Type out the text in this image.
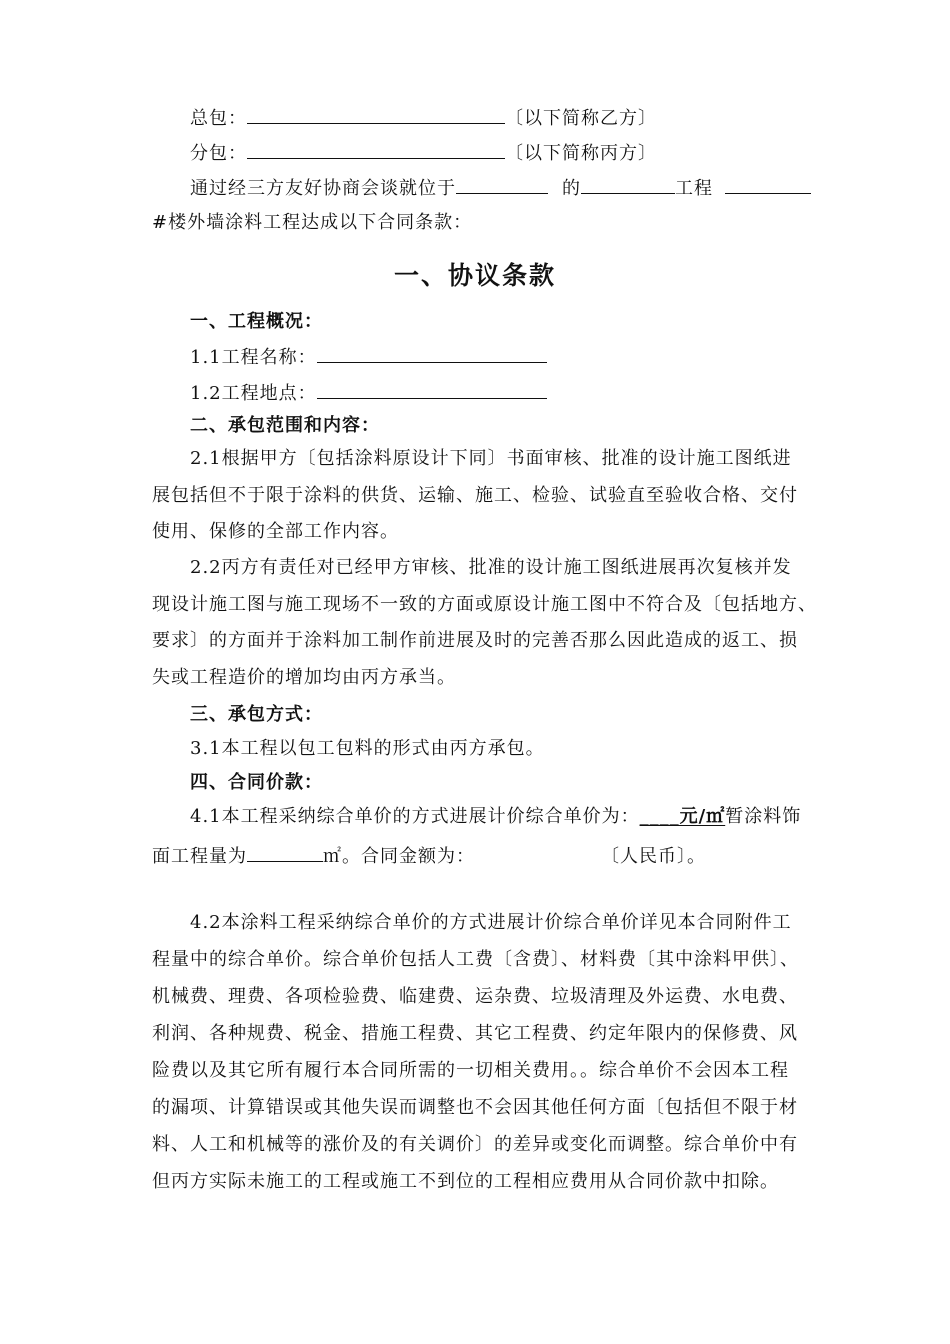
总包：	〔以下简称乙方〕
分包：	〔以下简称丙方〕
通过经三方友好协商会谈就位于	的	工程
#楼外墙涂料工程达成以下合同条款：
一、协议条款
一、工程概况：
1.1工程名称：
1.2工程地点：
二、承包范围和内容：
2.1根据甲方〔包括涂料原设计下同〕书面审核、批准的设计施工图纸进
展包括但不于限于涂料的供货、运输、施工、检验、试验直至验收合格、交付
使用、保修的全部工作内容。
2.2丙方有责任对已经甲方审核、批准的设计施工图纸进展再次复核并发
现设计施工图与施工现场不一致的方面或原设计施工图中不符合及〔包括地方、
要求〕的方面并于涂料加工制作前进展及时的完善否那么因此造成的返工、损
失或工程造价的增加均由丙方承当。
三、承包方式：
3.1本工程以包工包料的形式由丙方承包。
四、合同价款：
4.1本工程采纳综合单价的方式进展计价综合单价为：____元/㎡暂涂料饰
面工程量为	㎡。合同金额为：	〔人民币〕。
4.2本涂料工程采纳综合单价的方式进展计价综合单价详见本合同附件工
程量中的综合单价。综合单价包括人工费〔含费〕、材料费〔其中涂料甲供〕、
机械费、理费、各项检验费、临建费、运杂费、垃圾清理及外运费、水电费、
利润、各种规费、税金、措施工程费、其它工程费、约定年限内的保修费、风
险费以及其它所有履行本合同所需的一切相关费用。。综合单价不会因本工程
的漏项、计算错误或其他失误而调整也不会因其他任何方面〔包括但不限于材
料、人工和机械等的涨价及的有关调价〕的差异或变化而调整。综合单价中有
但丙方实际未施工的工程或施工不到位的工程相应费用从合同价款中扣除。
